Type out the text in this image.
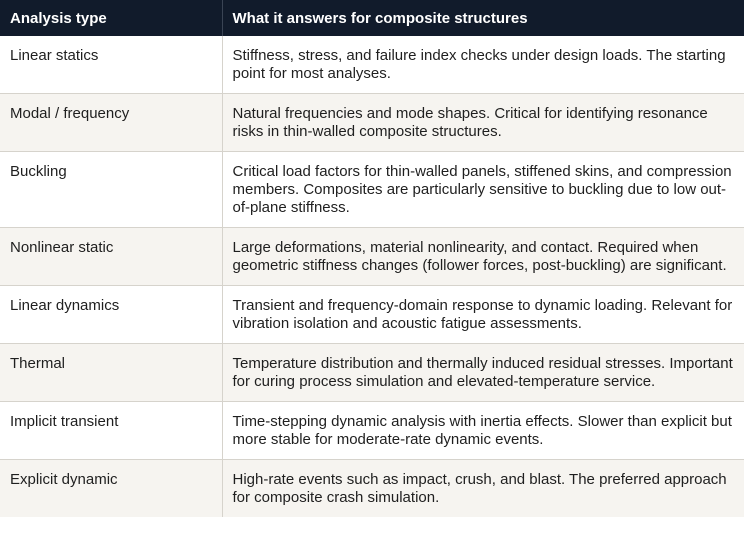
Analysis type	What it answers for composite structures
Linear statics	Stiffness, stress, and failure index checks under design loads. The starting point for most analyses.
Modal / frequency	Natural frequencies and mode shapes. Critical for identifying resonance risks in thin-walled composite structures.
Buckling	Critical load factors for thin-walled panels, stiffened skins, and compression members. Composites are particularly sensitive to buckling due to low out-of-plane stiffness.
Nonlinear static	Large deformations, material nonlinearity, and contact. Required when geometric stiffness changes (follower forces, post-buckling) are significant.
Linear dynamics	Transient and frequency-domain response to dynamic loading. Relevant for vibration isolation and acoustic fatigue assessments.
Thermal	Temperature distribution and thermally induced residual stresses. Important for curing process simulation and elevated-temperature service.
Implicit transient	Time-stepping dynamic analysis with inertia effects. Slower than explicit but more stable for moderate-rate dynamic events.
Explicit dynamic	High-rate events such as impact, crush, and blast. The preferred approach for composite crash simulation.
